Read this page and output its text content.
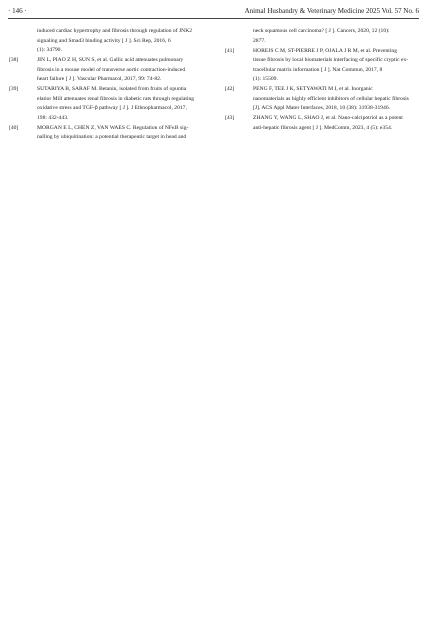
· 146 ·	Animal Husbandry & Veterinary Medicine 2025 Vol. 57 No. 6
induced cardiac hypertrophy and fibrosis through regulation of JNK2
signaling and Smad3 binding activity [ J ]. Sci Rep, 2016, 6
(1): 34790.
[38]	JIN L, PIAO Z H, SUN S, et al. Gallic acid attenuates pulmonary
fibrosis in a mouse model of transverse aortic contraction-induced
heart failure [ J ]. Vascular Pharmacol, 2017, 99: 74-82.
[39]	SUTARIYA B, SARAF M. Betanin, isolated from fruits of opuntia
elatior Mill attenuates renal fibrosis in diabetic rats through regulating
oxidative stress and TGF-β pathway [ J ]. J Ethnopharmacol, 2017,
198: 432-443.
[40]	MORGAN E L, CHEN Z, VAN WAES C. Regulation of NFκB sig-
nalling by ubiquitination: a potential therapeutic target in head and
neck squamous cell carcinoma? [ J ]. Cancers, 2020, 12 (10):
2877.
[41]	HOREJS C M, ST-PIERRE J P, OJALA J R M, et al. Preventing
tissue fibrosis by local biomaterials interfacing of specific cryptic ex-
tracellular matrix information [ J ]. Nat Commun, 2017, 8
(1): 15509.
[42]	PENG F, TEE J K, SETYAWATI M I, et al. Inorganic
nanomaterials as highly efficient inhibitors of cellular hepatic fibrosis
[J]. ACS Appl Mater Interfaces, 2018, 10 (38): 31938-31946.
[43]	ZHANG Y, WANG L, SHAO J, et al. Nano-calcipotriol as a potent
anti-hepatic fibrosis agent [ J ]. MedComm, 2023, 4 (5): e354.
